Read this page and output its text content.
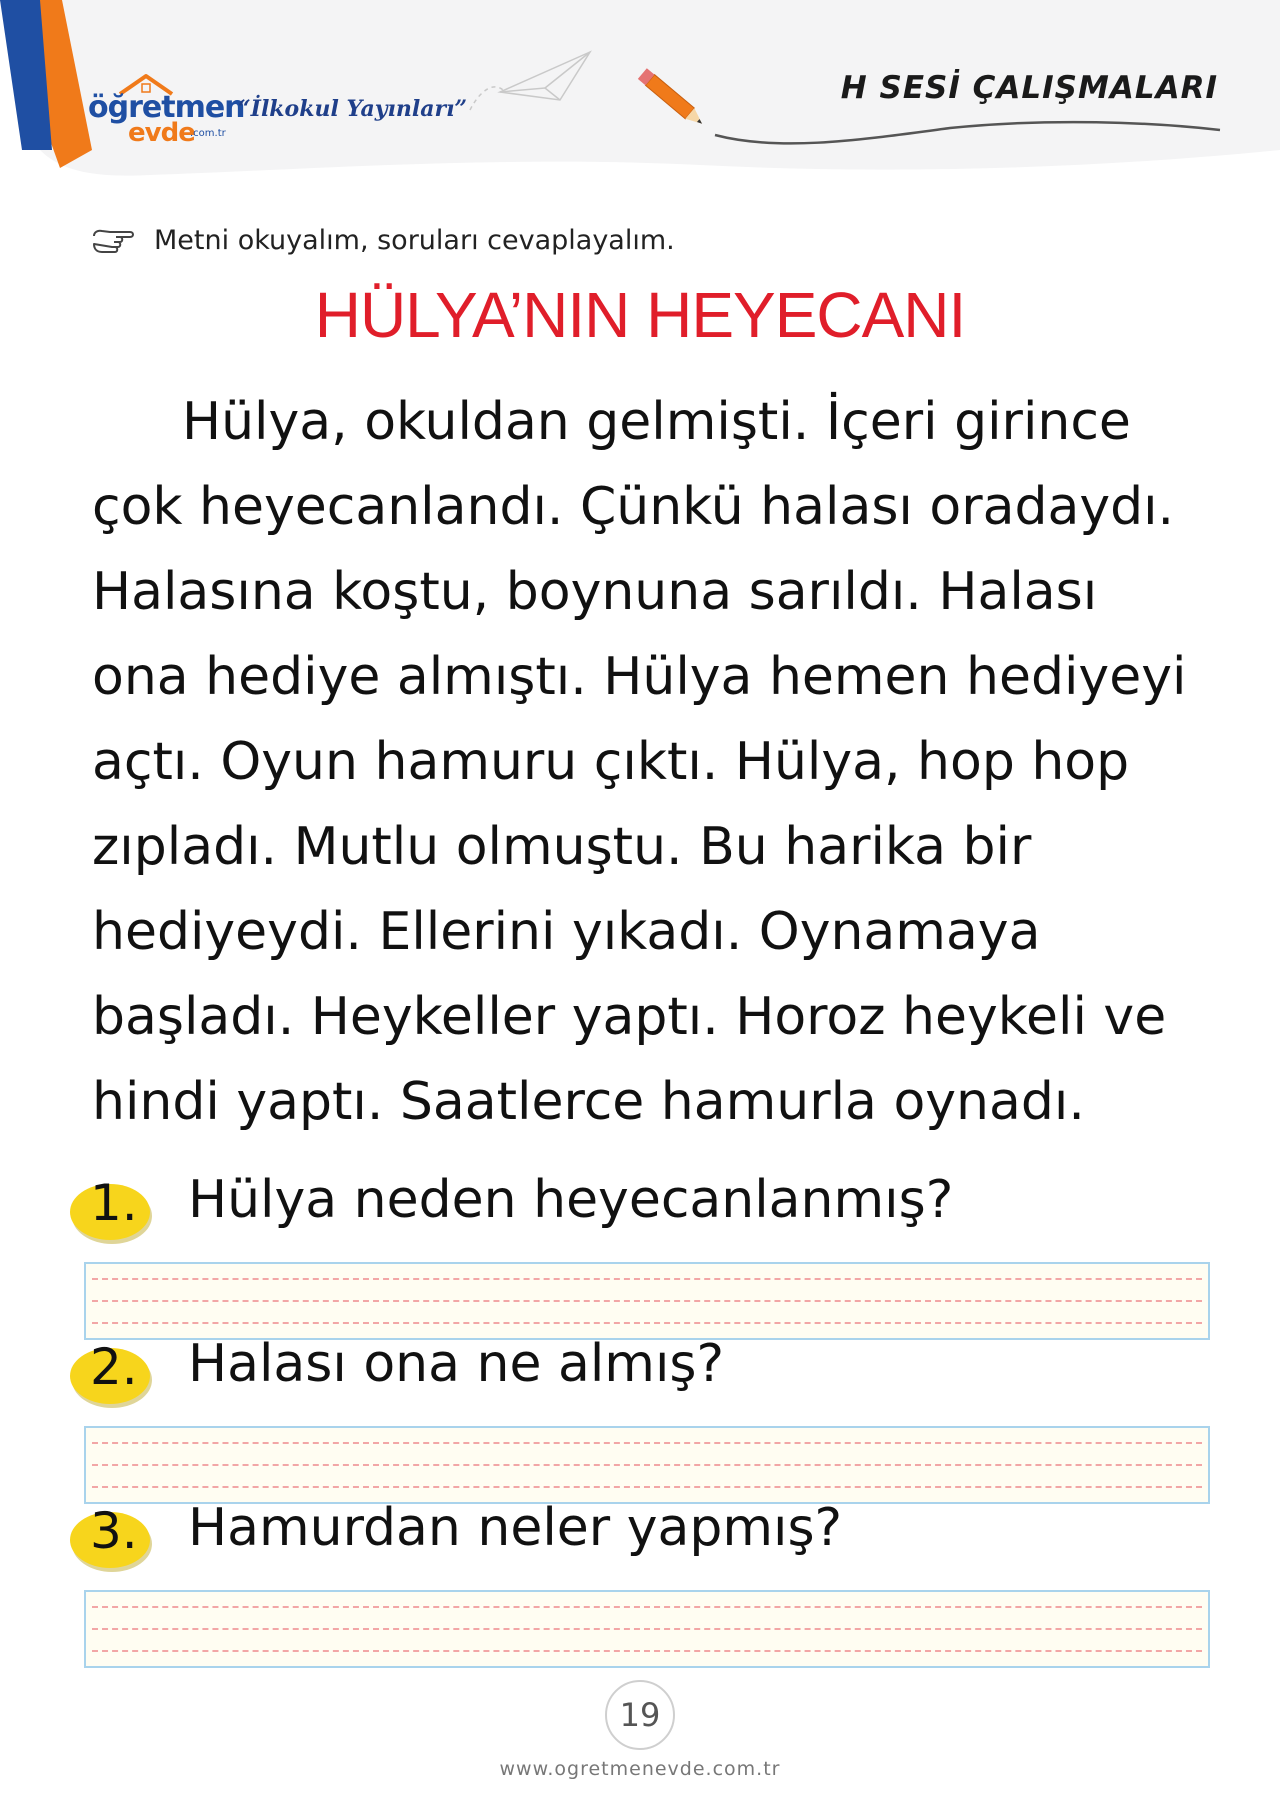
öğretmen
evde
.com.tr
“İlkokul Yayınları”
H SESİ ÇALIŞMALARI
Metni okuyalım, soruları cevaplayalım.
HÜLYA’NIN HEYECANI
Hülya, okuldan gelmişti. İçeri girince
çok heyecanlandı. Çünkü halası oradaydı.
Halasına koştu, boynuna sarıldı. Halası
ona hediye almıştı. Hülya hemen hediyeyi
açtı. Oyun hamuru çıktı. Hülya, hop hop
zıpladı. Mutlu olmuştu. Bu harika bir
hediyeydi. Ellerini yıkadı. Oynamaya
başladı. Heykeller yaptı. Horoz heykeli ve
hindi yaptı. Saatlerce hamurla oynadı.
1. Hülya neden heyecanlanmış?
2. Halası ona ne almış?
3. Hamurdan neler yapmış?
19
www.ogretmenevde.com.tr
